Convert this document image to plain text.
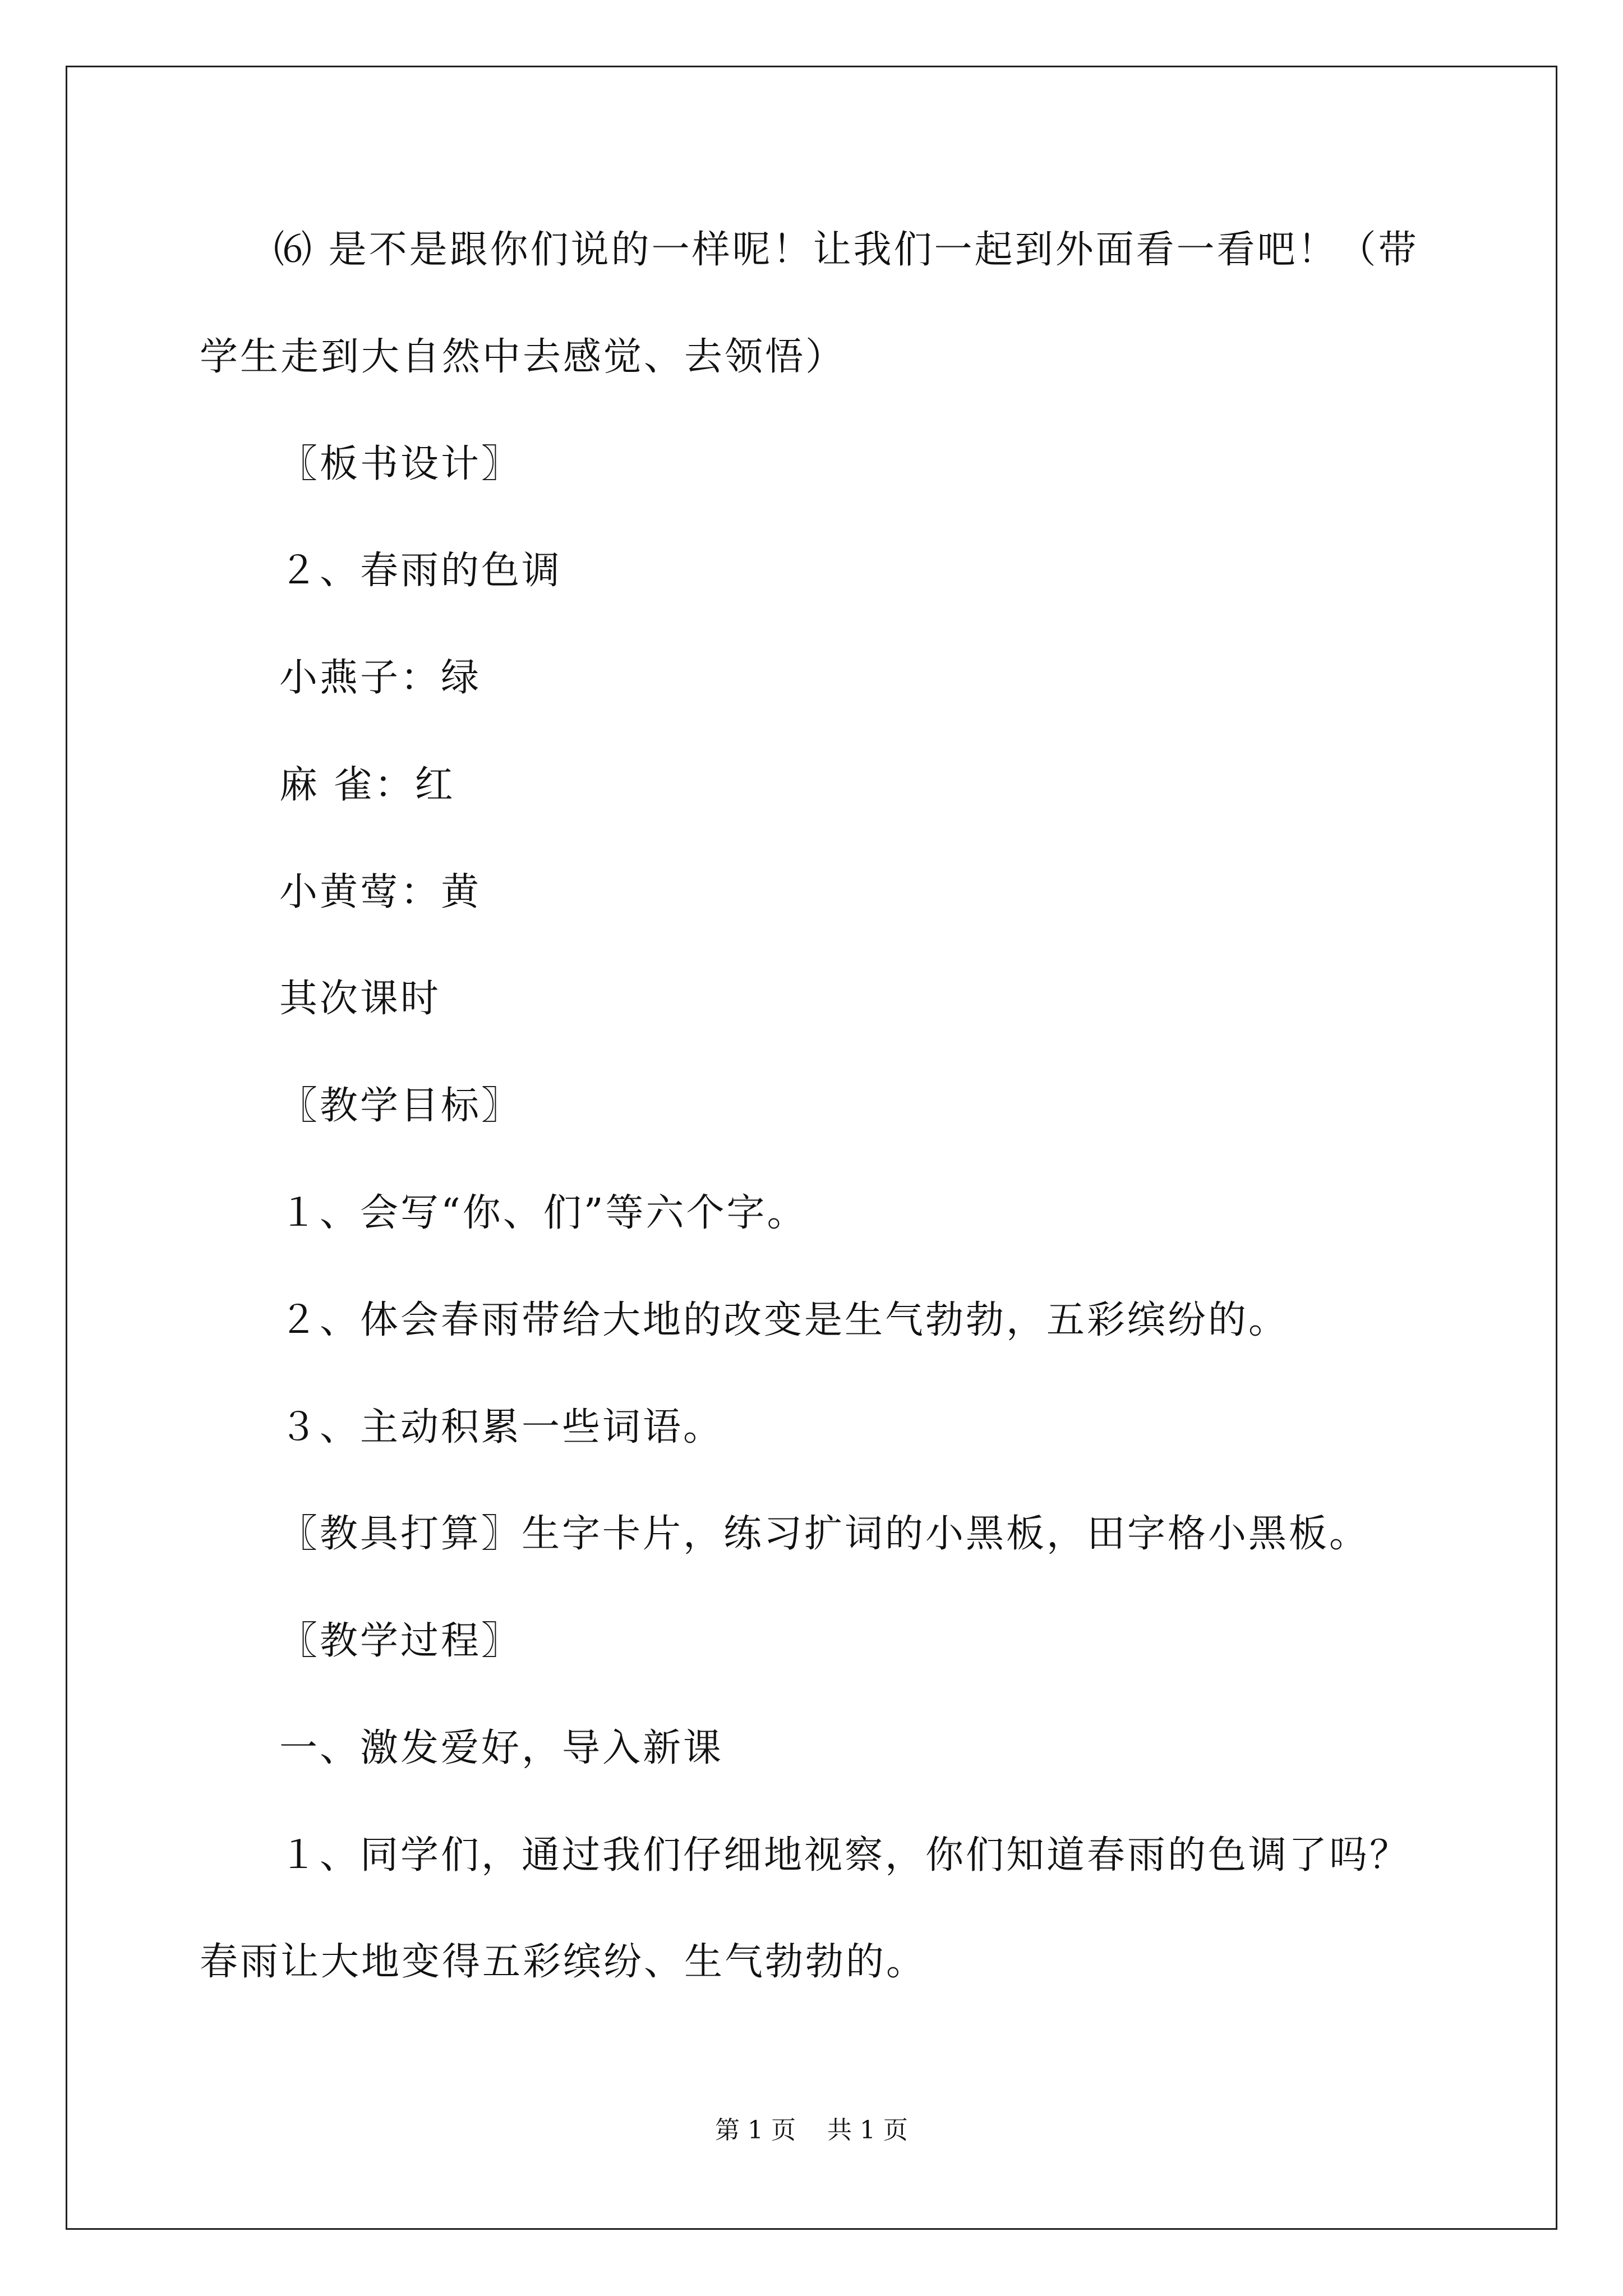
⑹ 是不是跟你们说的一样呢！让我们一起到外面看一看吧！（带
学生走到大自然中去感觉、去领悟）
〖板书设计〗
２、春雨的色调
小燕子：绿
麻 雀：红
小黄莺：黄
其次课时
〖教学目标〗
１、会写“你、们”等六个字。
２、体会春雨带给大地的改变是生气勃勃，五彩缤纷的。
３、主动积累一些词语。
〖教具打算〗生字卡片，练习扩词的小黑板，田字格小黑板。
〖教学过程〗
一、激发爱好，导入新课
１、同学们，通过我们仔细地视察，你们知道春雨的色调了吗？
春雨让大地变得五彩缤纷、生气勃勃的。
第 1 页    共 1 页
